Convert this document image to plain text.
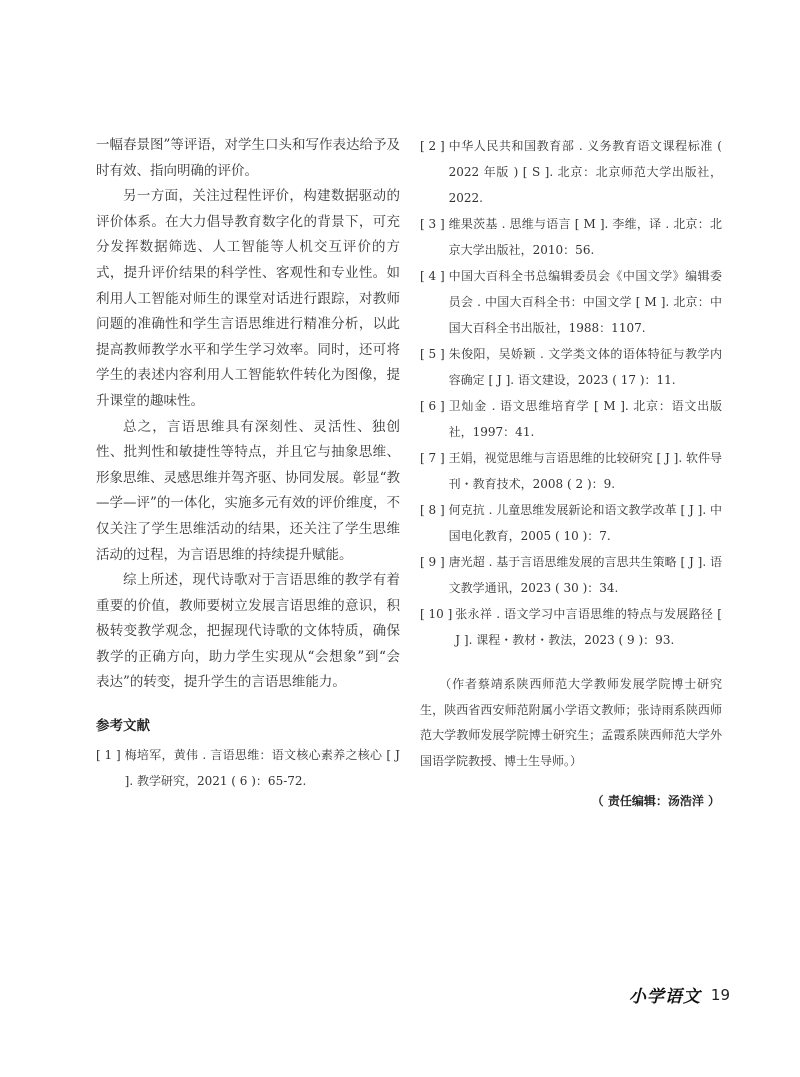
一幅春景图”等评语，对学生口头和写作表达给予及时有效、指向明确的评价。

另一方面，关注过程性评价，构建数据驱动的评价体系。在大力倡导教育数字化的背景下，可充分发挥数据筛选、人工智能等人机交互评价的方式，提升评价结果的科学性、客观性和专业性。如利用人工智能对师生的课堂对话进行跟踪，对教师问题的准确性和学生言语思维进行精准分析，以此提高教师教学水平和学生学习效率。同时，还可将学生的表述内容利用人工智能软件转化为图像，提升课堂的趣味性。

总之，言语思维具有深刻性、灵活性、独创性、批判性和敏捷性等特点，并且它与抽象思维、形象思维、灵感思维并驾齐驱、协同发展。彰显“教—学—评”的一体化，实施多元有效的评价维度，不仅关注了学生思维活动的结果，还关注了学生思维活动的过程，为言语思维的持续提升赋能。

综上所述，现代诗歌对于言语思维的教学有着重要的价值，教师要树立发展言语思维的意识，积极转变教学观念，把握现代诗歌的文体特质，确保教学的正确方向，助力学生实现从“会想象”到“会表达”的转变，提升学生的言语思维能力。

参考文献
[ 1 ] 梅培军，黄伟 . 言语思维：语文核心素养之核心 [ J ]. 教学研究，2021 ( 6 )：65-72.
[ 2 ] 中华人民共和国教育部 . 义务教育语文课程标准 ( 2022 年版 ) [ S ]. 北京：北京师范大学出版社，2022.
[ 3 ] 维果茨基 . 思维与语言 [ M ]. 李维，译 . 北京：北京大学出版社，2010：56.
[ 4 ] 中国大百科全书总编辑委员会《中国文学》编辑委员会 . 中国大百科全书：中国文学 [ M ]. 北京：中国大百科全书出版社，1988：1107.
[ 5 ] 朱俊阳，吴娇颖 . 文学类文体的语体特征与教学内容确定 [ J ]. 语文建设，2023 ( 17 )：11.
[ 6 ] 卫灿金 . 语文思维培育学 [ M ]. 北京：语文出版社，1997：41.
[ 7 ] 王娟，视觉思维与言语思维的比较研究 [ J ]. 软件导刊・教育技术，2008 ( 2 )：9.
[ 8 ] 何克抗 . 儿童思维发展新论和语文教学改革 [ J ]. 中国电化教育，2005 ( 10 )：7.
[ 9 ] 唐光超 . 基于言语思维发展的言思共生策略 [ J ]. 语文教学通讯，2023 ( 30 )：34.
[ 10 ] 张永祥 . 语文学习中言语思维的特点与发展路径 [ J ]. 课程・教材・教法，2023 ( 9 )：93.

（作者蔡靖系陕西师范大学教师发展学院博士研究生，陕西省西安师范附属小学语文教师；张诗雨系陕西师范大学教师发展学院博士研究生；孟霞系陕西师范大学外国语学院教授、博士生导师。）

（ 责任编辑：汤浩洋 ）
小学语文 19
